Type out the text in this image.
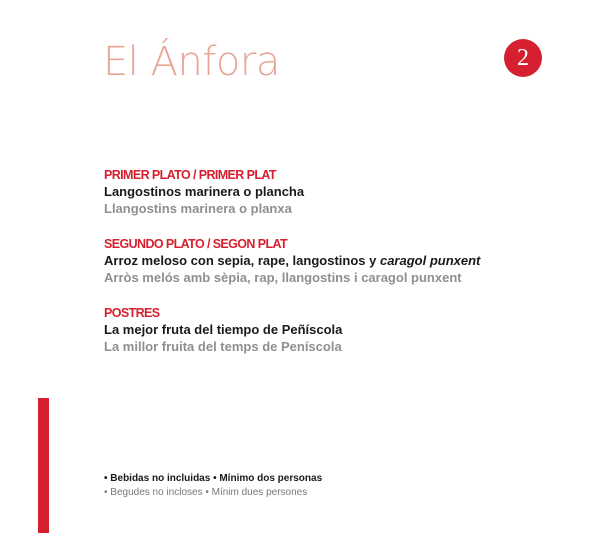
El Ánfora	2
PRIMER PLATO / PRIMER PLAT
Langostinos marinera o plancha
Llangostins marinera o planxa
SEGUNDO PLATO / SEGON PLAT
Arroz meloso con sepia, rape, langostinos y caragol punxent
Arròs melós amb sèpia, rap, llangostins i caragol punxent
POSTRES
La mejor fruta del tiempo de Peñíscola
La millor fruita del temps de Peníscola
• Bebidas no incluidas • Mínimo dos personas
• Begudes no incloses • Mínim dues persones
